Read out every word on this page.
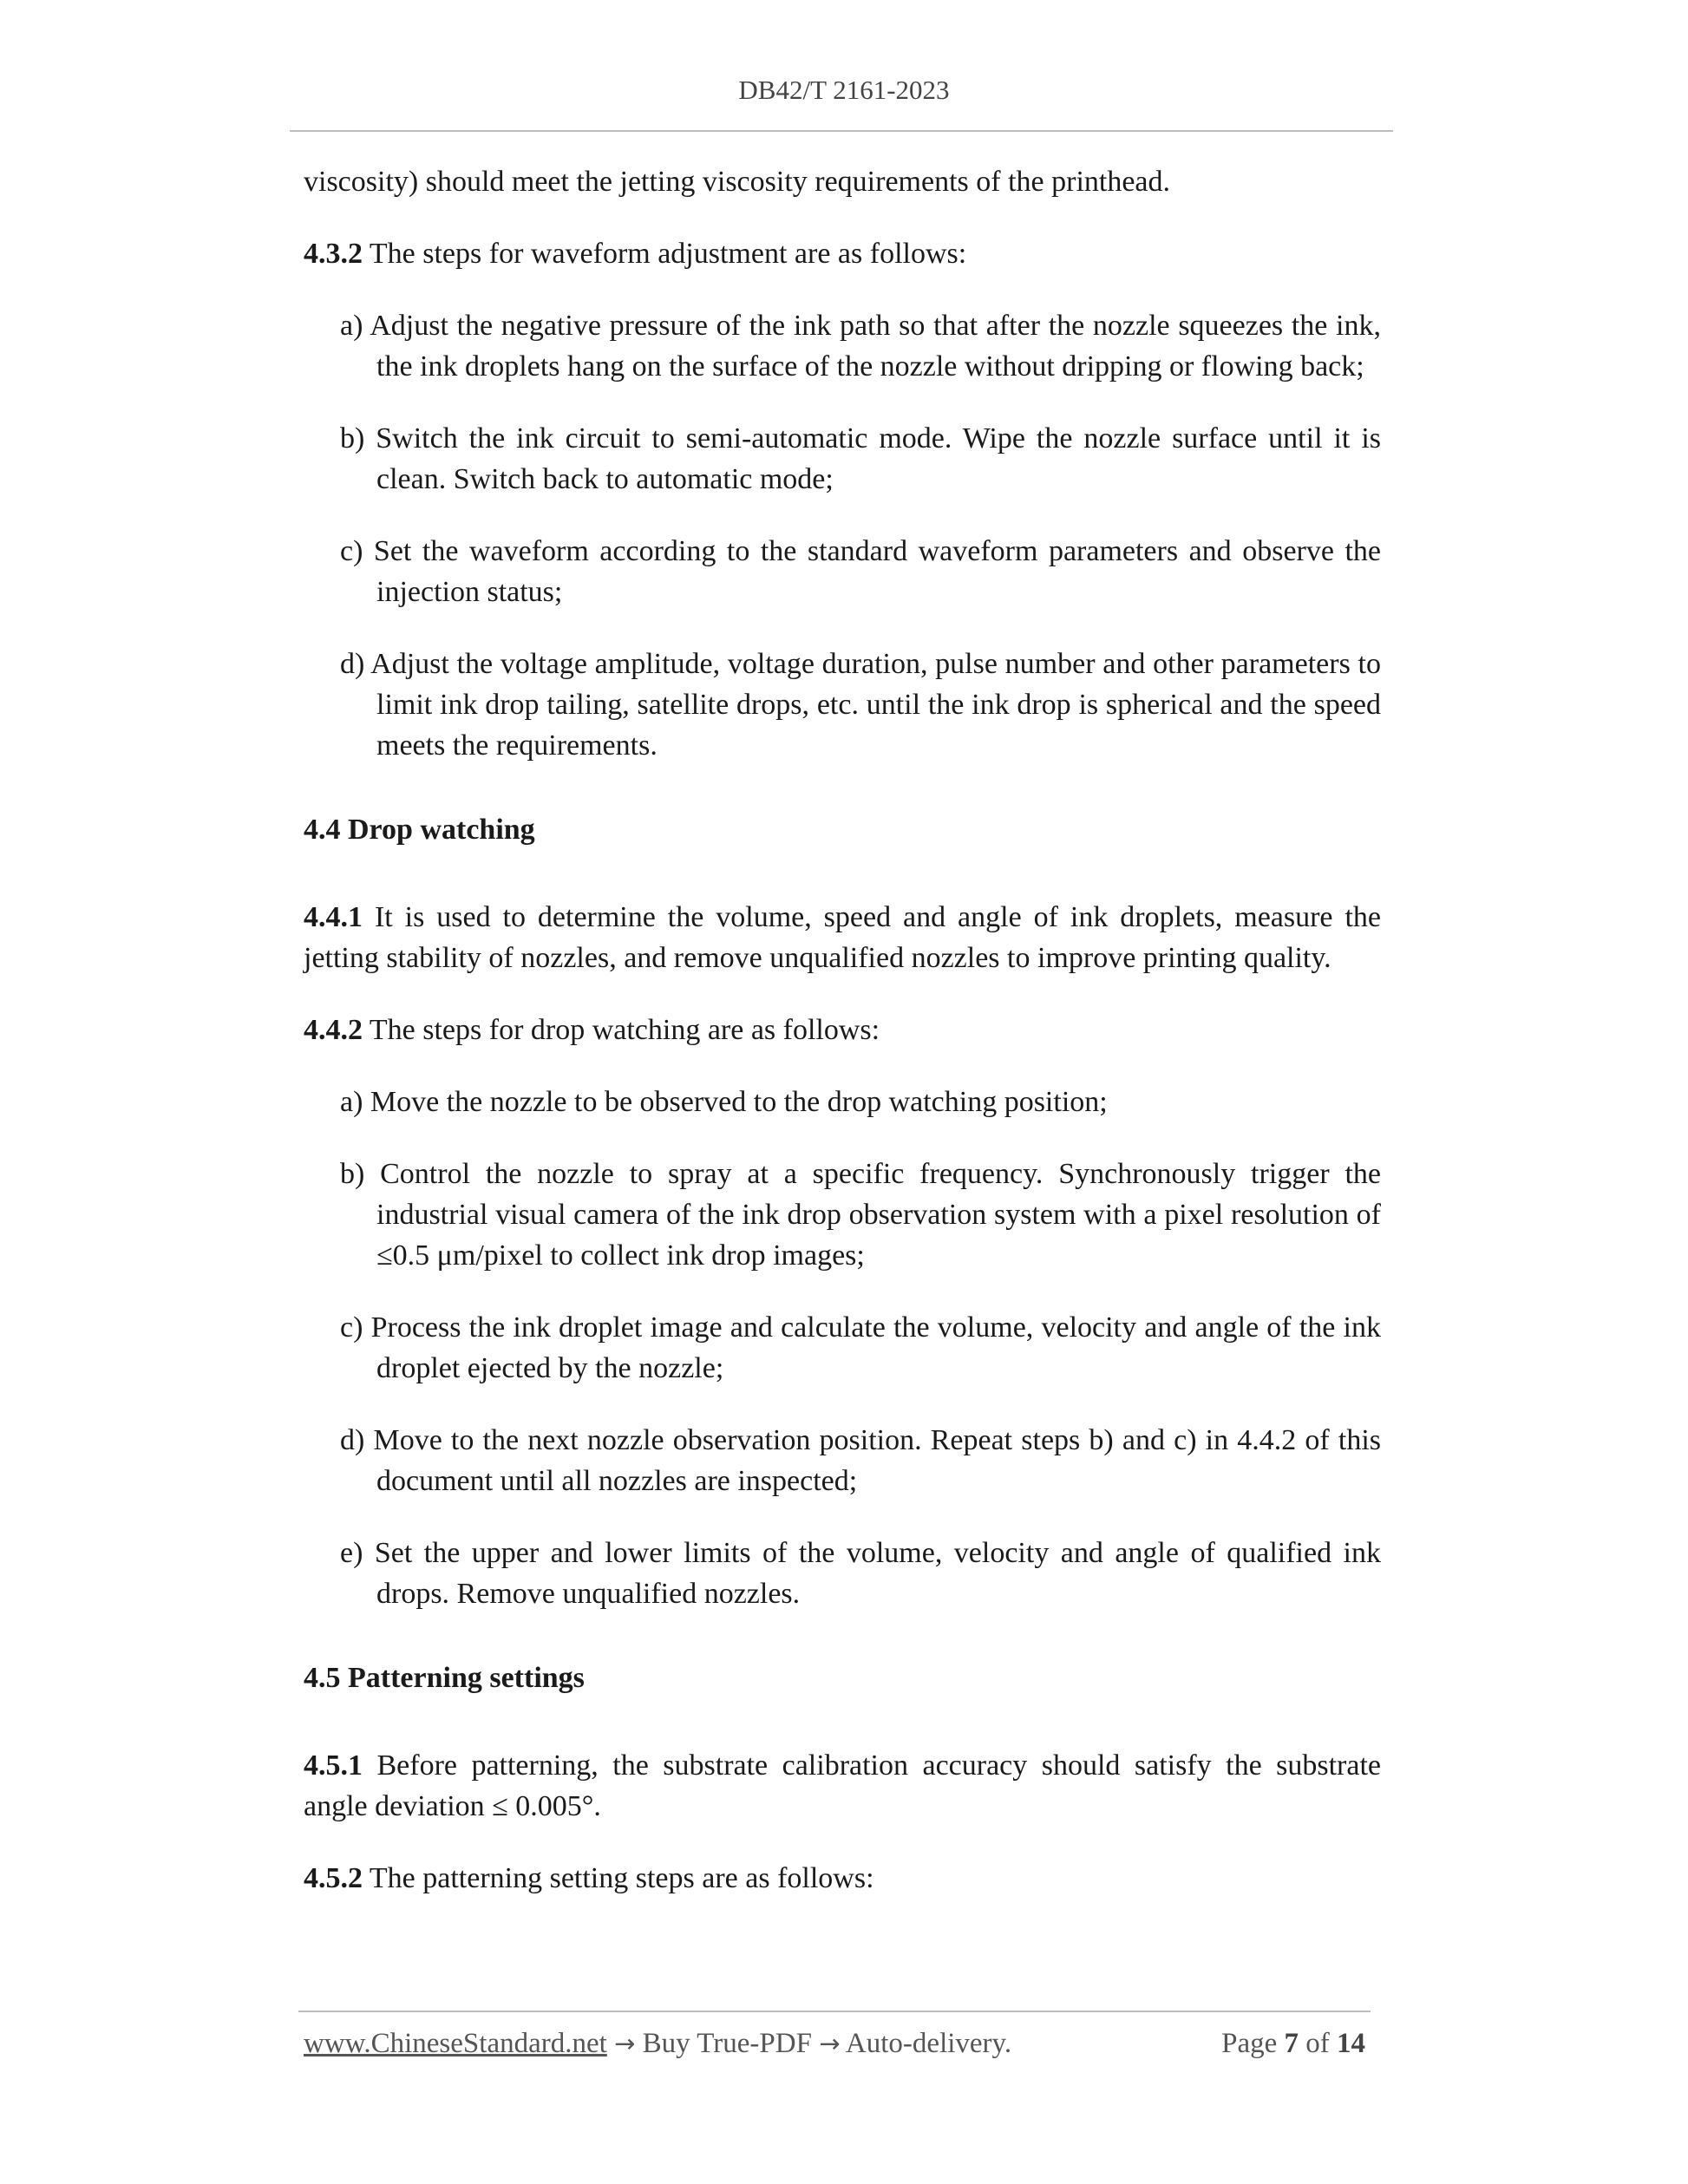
DB42/T 2161-2023

viscosity) should meet the jetting viscosity requirements of the printhead.

4.3.2 The steps for waveform adjustment are as follows:

a) Adjust the negative pressure of the ink path so that after the nozzle squeezes the ink, the ink droplets hang on the surface of the nozzle without dripping or flowing back;

b) Switch the ink circuit to semi-automatic mode. Wipe the nozzle surface until it is clean. Switch back to automatic mode;

c) Set the waveform according to the standard waveform parameters and observe the injection status;

d) Adjust the voltage amplitude, voltage duration, pulse number and other parameters to limit ink drop tailing, satellite drops, etc. until the ink drop is spherical and the speed meets the requirements.

4.4 Drop watching

4.4.1 It is used to determine the volume, speed and angle of ink droplets, measure the jetting stability of nozzles, and remove unqualified nozzles to improve printing quality.

4.4.2 The steps for drop watching are as follows:

a) Move the nozzle to be observed to the drop watching position;

b) Control the nozzle to spray at a specific frequency. Synchronously trigger the industrial visual camera of the ink drop observation system with a pixel resolution of ≤0.5 μm/pixel to collect ink drop images;

c) Process the ink droplet image and calculate the volume, velocity and angle of the ink droplet ejected by the nozzle;

d) Move to the next nozzle observation position. Repeat steps b) and c) in 4.4.2 of this document until all nozzles are inspected;

e) Set the upper and lower limits of the volume, velocity and angle of qualified ink drops. Remove unqualified nozzles.

4.5 Patterning settings

4.5.1 Before patterning, the substrate calibration accuracy should satisfy the substrate angle deviation ≤ 0.005°.

4.5.2 The patterning setting steps are as follows:

www.ChineseStandard.net → Buy True-PDF → Auto-delivery.	Page 7 of 14
